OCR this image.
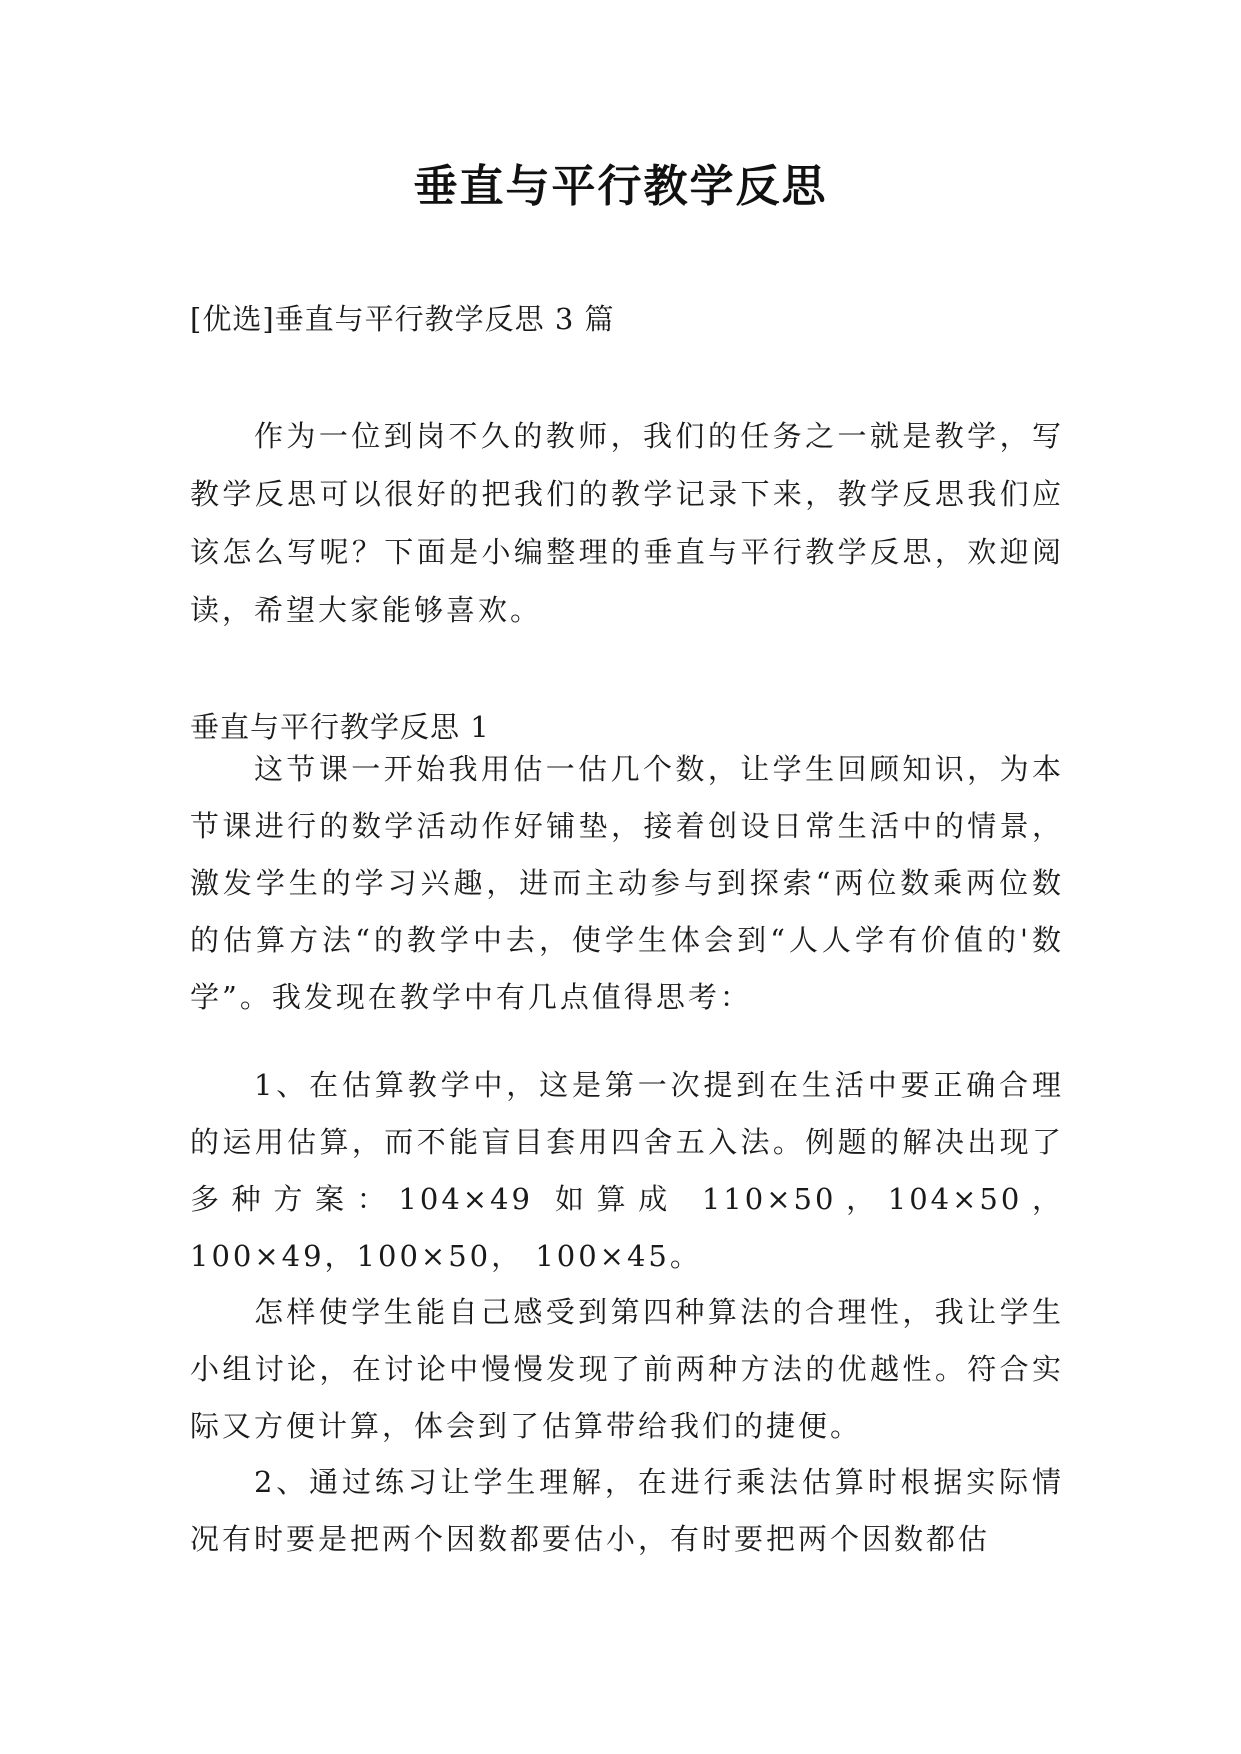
垂直与平行教学反思
[优选]垂直与平行教学反思 3 篇

作为一位到岗不久的教师，我们的任务之一就是教学，写教学反思可以很好的把我们的教学记录下来，教学反思我们应该怎么写呢？下面是小编整理的垂直与平行教学反思，欢迎阅读，希望大家能够喜欢。

垂直与平行教学反思 1

这节课一开始我用估一估几个数，让学生回顾知识，为本节课进行的数学活动作好铺垫，接着创设日常生活中的情景，激发学生的学习兴趣，进而主动参与到探索“两位数乘两位数的估算方法“的教学中去，使学生体会到“人人学有价值的'数学”。我发现在教学中有几点值得思考：

1、在估算教学中，这是第一次提到在生活中要正确合理的运用估算，而不能盲目套用四舍五入法。例题的解决出现了多种方案：104×49 如算成 110×50，104×50，100×49，100×50， 100×45。

怎样使学生能自己感受到第四种算法的合理性，我让学生小组讨论，在讨论中慢慢发现了前两种方法的优越性。符合实际又方便计算，体会到了估算带给我们的捷便。

2、通过练习让学生理解，在进行乘法估算时根据实际情况有时要是把两个因数都要估小，有时要把两个因数都估
